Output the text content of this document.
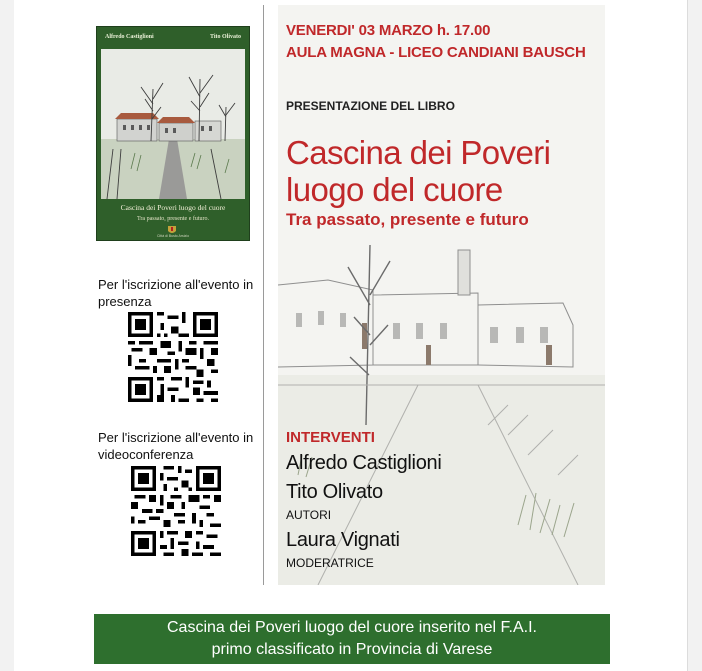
Alfredo Castiglioni	Tito Olivato
Cascina dei Poveri luogo del cuore
Tra passato, presente e futuro.
Città di Busto Arsizio
Per l'iscrizione all'evento in presenza
Per l'iscrizione all'evento in videoconferenza
VENERDI' 03 MARZO h. 17.00
AULA MAGNA - LICEO CANDIANI BAUSCH
PRESENTAZIONE DEL LIBRO
Cascina dei Poveri
luogo del cuore
Tra passato, presente e futuro
INTERVENTI
Alfredo Castiglioni
Tito Olivato
AUTORI
Laura Vignati
MODERATRICE
Cascina dei Poveri luogo del cuore inserito nel F.A.I.
primo classificato in Provincia di Varese
